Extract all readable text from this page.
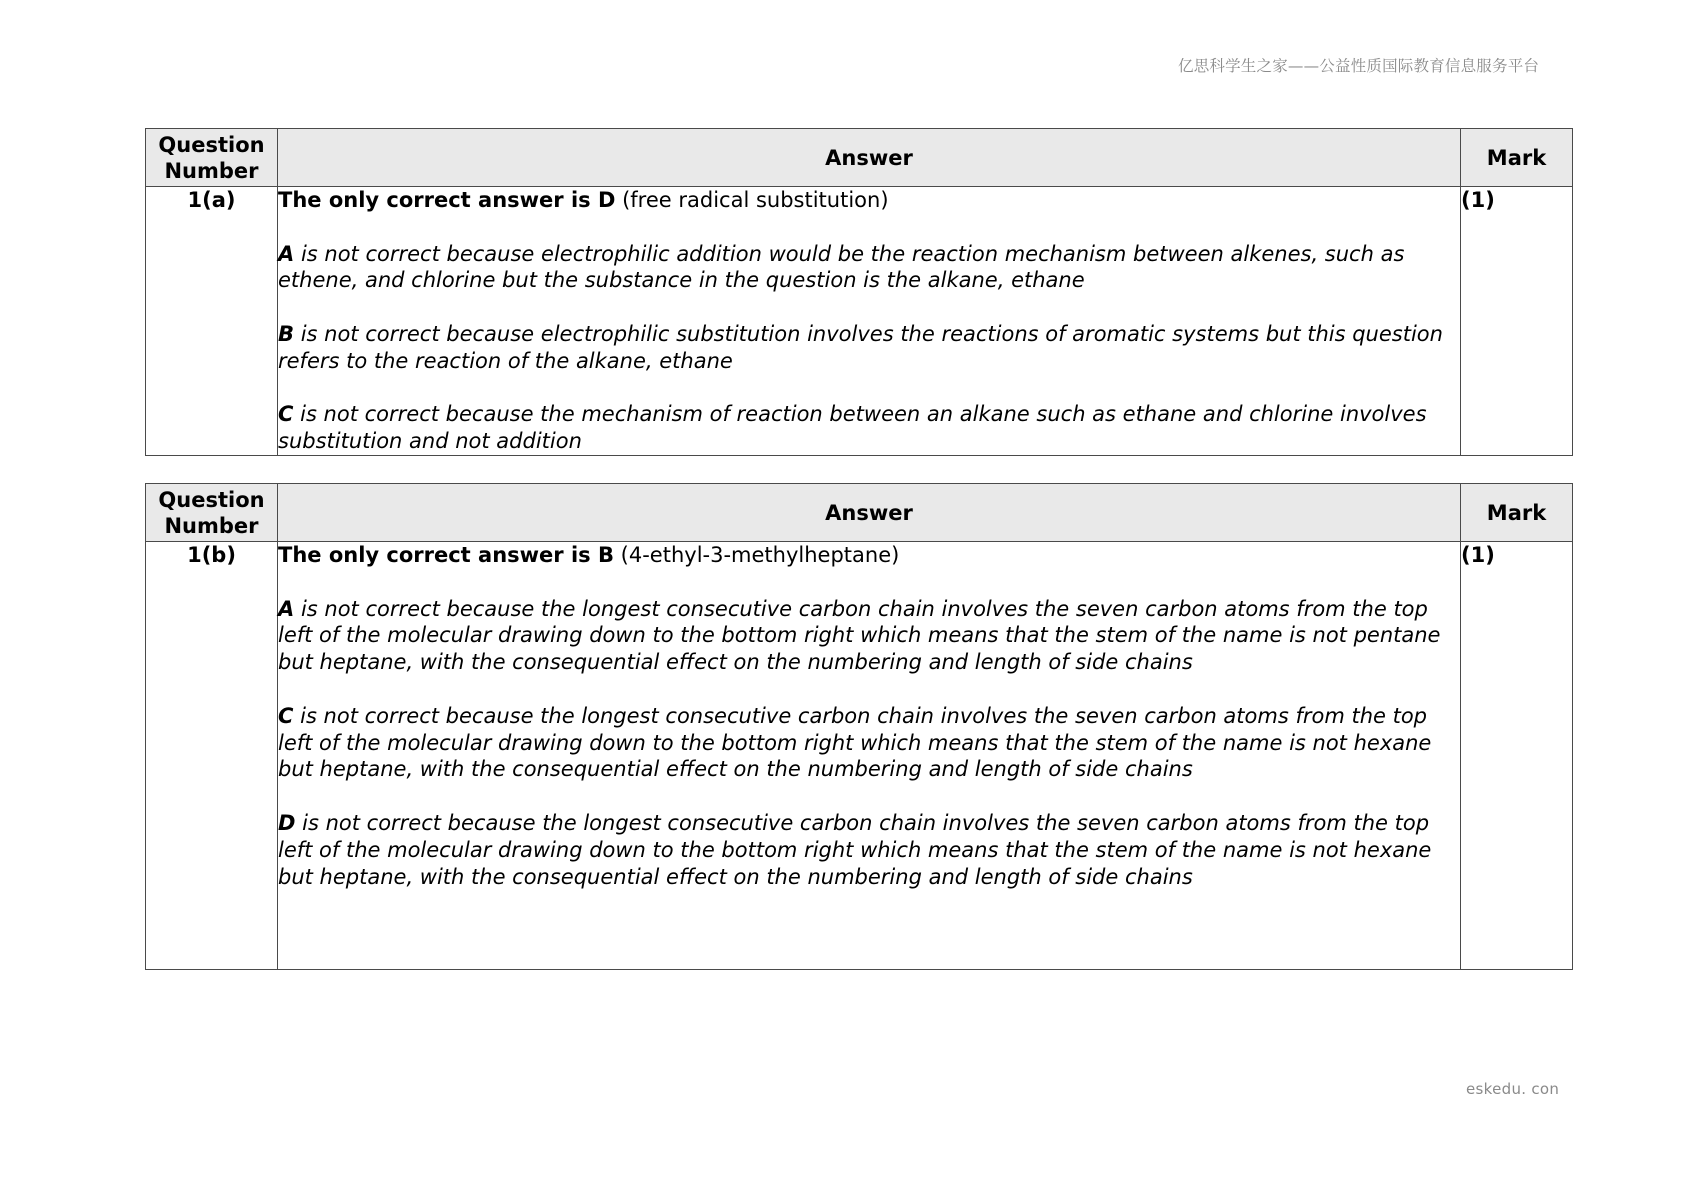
亿思科学生之家——公益性质国际教育信息服务平台
Question Number	Answer	Mark
1(a)	The only correct answer is D (free radical substitution)

A is not correct because electrophilic addition would be the reaction mechanism between alkenes, such as ethene, and chlorine but the substance in the question is the alkane, ethane

B is not correct because electrophilic substitution involves the reactions of aromatic systems but this question refers to the reaction of the alkane, ethane

C is not correct because the mechanism of reaction between an alkane such as ethane and chlorine involves substitution and not addition	(1)
Question Number	Answer	Mark
1(b)	The only correct answer is B (4-ethyl-3-methylheptane)

A is not correct because the longest consecutive carbon chain involves the seven carbon atoms from the top left of the molecular drawing down to the bottom right which means that the stem of the name is not pentane but heptane, with the consequential effect on the numbering and length of side chains

C is not correct because the longest consecutive carbon chain involves the seven carbon atoms from the top left of the molecular drawing down to the bottom right which means that the stem of the name is not hexane but heptane, with the consequential effect on the numbering and length of side chains

D is not correct because the longest consecutive carbon chain involves the seven carbon atoms from the top left of the molecular drawing down to the bottom right which means that the stem of the name is not hexane but heptane, with the consequential effect on the numbering and length of side chains	(1)
eskedu. con
